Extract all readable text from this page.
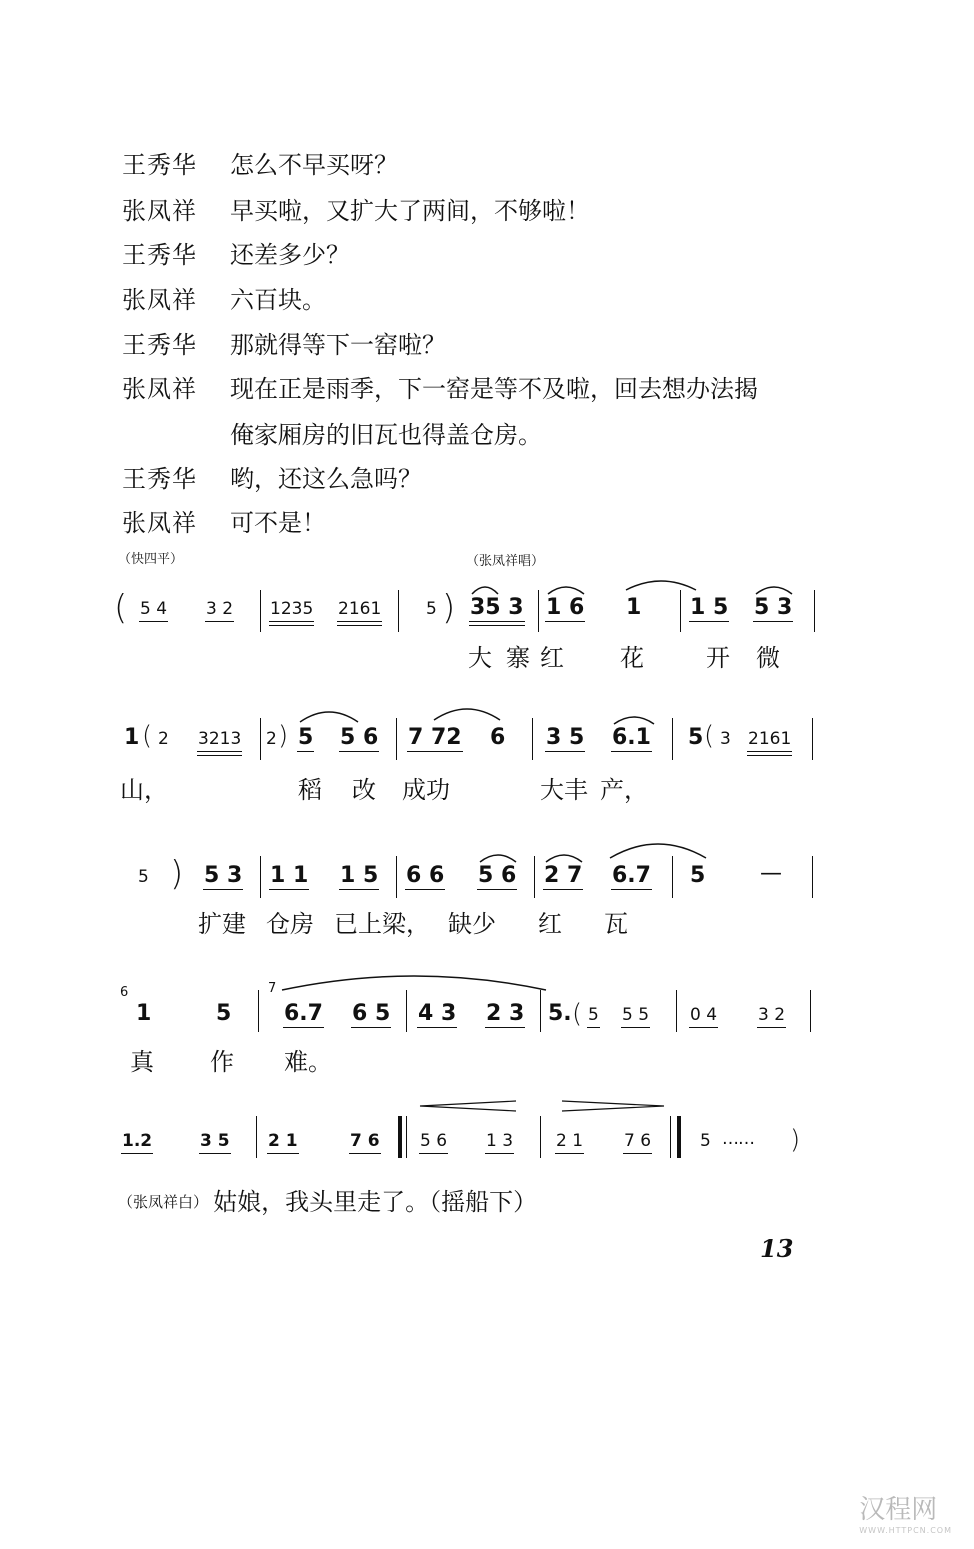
王秀华	怎么不早买呀？
张凤祥	早买啦，又扩大了两间，不够啦！
王秀华	还差多少？
张凤祥	六百块。
王秀华	那就得等下一窑啦？
张凤祥	现在正是雨季，下一窑是等不及啦，回去想办法揭
俺家厢房的旧瓦也得盖仓房。
王秀华	哟，还这么急吗？
张凤祥	可不是！
（快四平）	（张凤祥唱）
( 5 4 3 2 1235 2161	5 ) 35 3 1 6 1 1 5 5 3
大 寨 红 花	开 微
1 ( 2 3213 2 ) 5 5 6 7 72 6 3 5 6.1 5 ( 3 2161
山，	稻 改 成功	大丰 产，
5 ) 5 3 1 1 1 5 6 6 5 6 2 7 6.7 5 —
扩建 仓房 已上梁， 缺少 红 瓦
6
1	5
7
6.7 6 5 4 3 2 3 5. ( 5 5 5 0 4 3 2
真 作 难。
1.2	3 5 2 1	7 6 5 6 1 3	2 1 7 6	5 …… )
（张凤祥白） 姑娘，我头里走了。（摇船下）
13
汉程网
WWW.HTTPCN.COM
